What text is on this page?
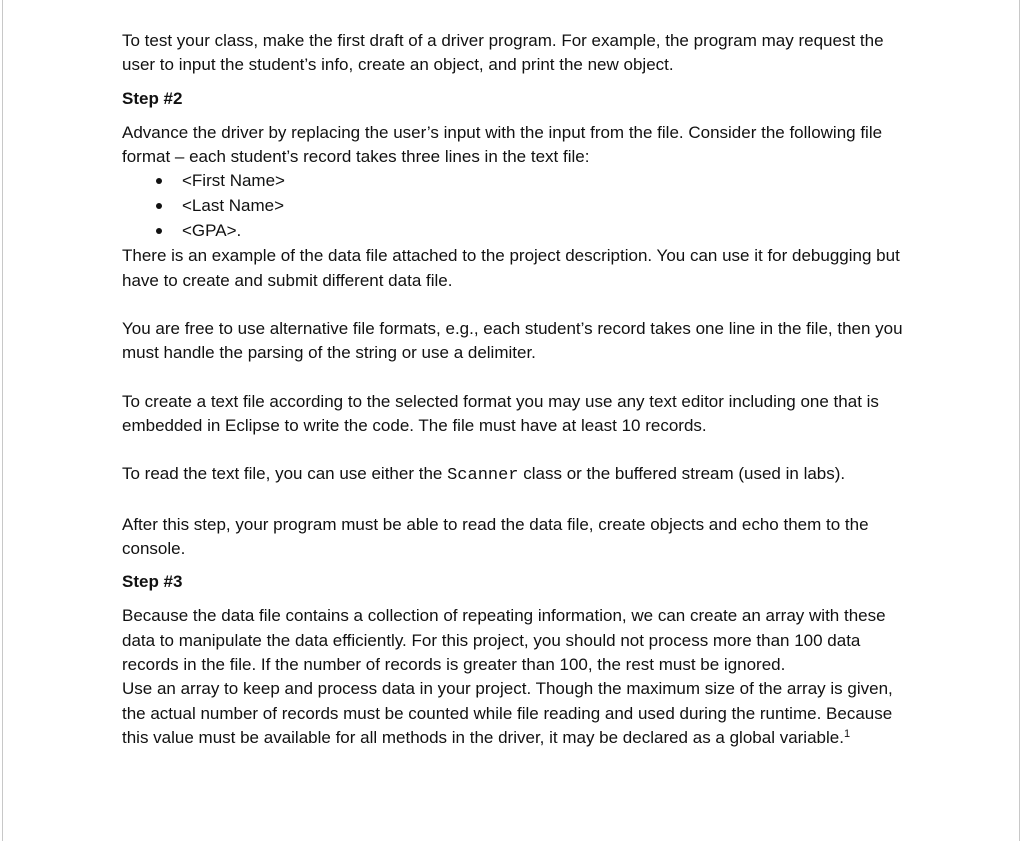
To test your class, make the first draft of a driver program. For example, the program may request the user to input the student’s info, create an object, and print the new object.

Step #2

Advance the driver by replacing the user’s input with the input from the file. Consider the following file format – each student’s record takes three lines in the text file:

<First Name>
<Last Name>
<GPA>.

There is an example of the data file attached to the project description. You can use it for debugging but have to create and submit different data file.

You are free to use alternative file formats, e.g., each student’s record takes one line in the file, then you must handle the parsing of the string or use a delimiter.

To create a text file according to the selected format you may use any text editor including one that is embedded in Eclipse to write the code. The file must have at least 10 records.

To read the text file, you can use either the Scanner class or the buffered stream (used in labs).

After this step, your program must be able to read the data file, create objects and echo them to the console.

Step #3

Because the data file contains a collection of repeating information, we can create an array with these data to manipulate the data efficiently. For this project, you should not process more than 100 data records in the file. If the number of records is greater than 100, the rest must be ignored.

Use an array to keep and process data in your project. Though the maximum size of the array is given, the actual number of records must be counted while file reading and used during the runtime. Because this value must be available for all methods in the driver, it may be declared as a global variable.$^1$
